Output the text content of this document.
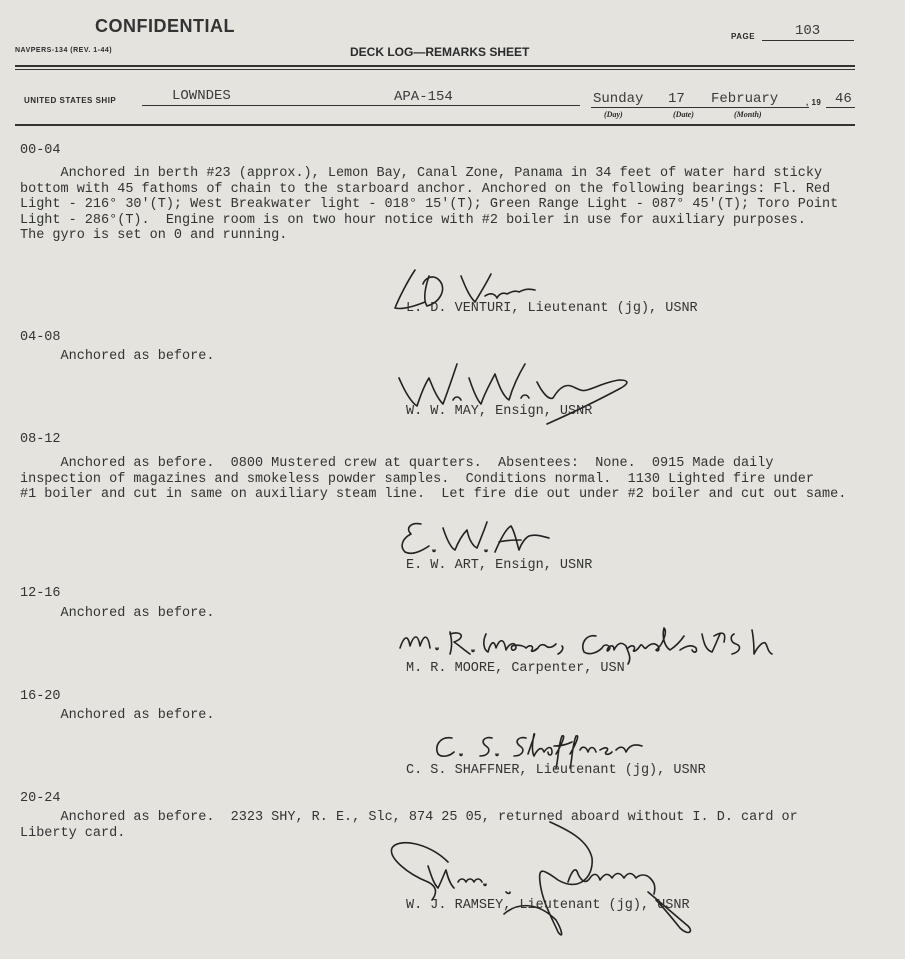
CONFIDENTIAL
NAVPERS-134 (REV. 1-44)	DECK LOG—REMARKS SHEET
PAGE	103
UNITED STATES SHIP	LOWNDES	APA-154	Sunday 17 February	, 19 46
(Day)	(Date)	(Month)
00-04
Anchored in berth #23 (approx.), Lemon Bay, Canal Zone, Panama in 34 feet of water hard sticky
bottom with 45 fathoms of chain to the starboard anchor. Anchored on the following bearings: Fl. Red
Light - 216° 30'(T); West Breakwater light - 018° 15'(T); Green Range Light - 087° 45'(T); Toro Point
Light - 286°(T).  Engine room is on two hour notice with #2 boiler in use for auxiliary purposes.
The gyro is set on 0 and running.
L. D. VENTURI, Lieutenant (jg), USNR
04-08
Anchored as before.
W. W. MAY, Ensign, USNR
08-12
Anchored as before.  0800 Mustered crew at quarters.  Absentees:  None.  0915 Made daily
inspection of magazines and smokeless powder samples.  Conditions normal.  1130 Lighted fire under
#1 boiler and cut in same on auxiliary steam line.  Let fire die out under #2 boiler and cut out same.
E. W. ART, Ensign, USNR
12-16
Anchored as before.
M. R. MOORE, Carpenter, USN
16-20
Anchored as before.
C. S. SHAFFNER, Lieutenant (jg), USNR
20-24
Anchored as before.  2323 SHY, R. E., Slc, 874 25 05, returned aboard without I. D. card or
Liberty card.
W. J. RAMSEY, Lieutenant (jg), USNR
